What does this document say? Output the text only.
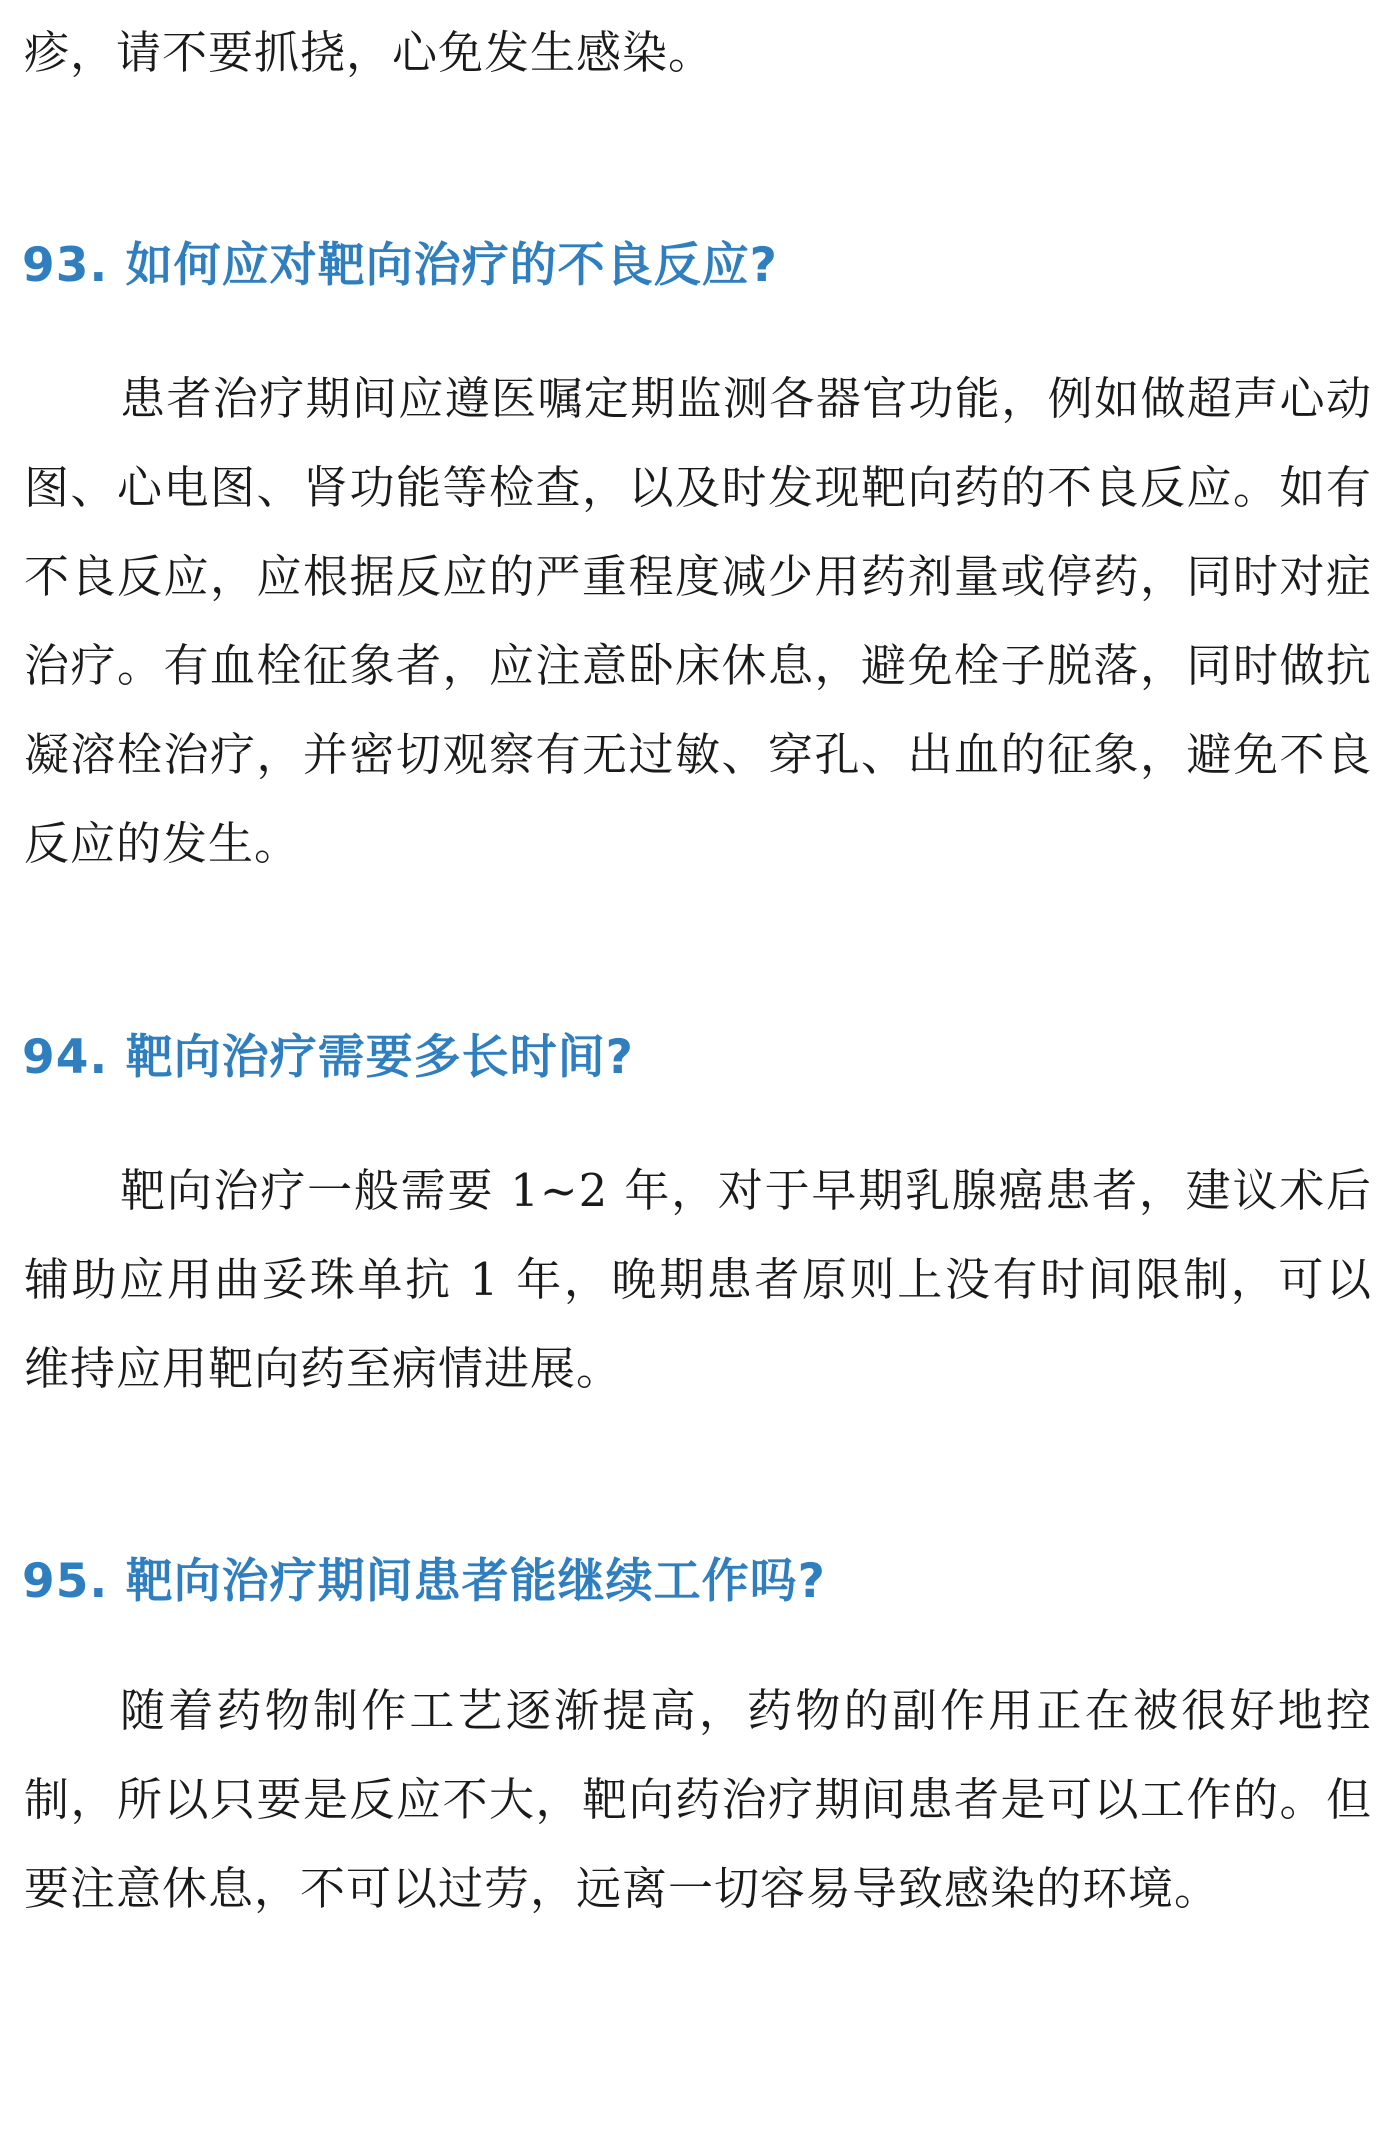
疹，请不要抓挠，心免发生感染。

93. 如何应对靶向治疗的不良反应?

患者治疗期间应遵医嘱定期监测各器官功能，例如做超声心动图、心电图、肾功能等检查，以及时发现靶向药的不良反应。如有不良反应，应根据反应的严重程度减少用药剂量或停药，同时对症治疗。有血栓征象者，应注意卧床休息，避免栓子脱落，同时做抗凝溶栓治疗，并密切观察有无过敏、穿孔、出血的征象，避免不良反应的发生。

94. 靶向治疗需要多长时间?

靶向治疗一般需要 1~2 年，对于早期乳腺癌患者，建议术后辅助应用曲妥珠单抗 1 年，晚期患者原则上没有时间限制，可以维持应用靶向药至病情进展。

95. 靶向治疗期间患者能继续工作吗?

随着药物制作工艺逐渐提高，药物的副作用正在被很好地控制，所以只要是反应不大，靶向药治疗期间患者是可以工作的。但要注意休息，不可以过劳，远离一切容易导致感染的环境。
